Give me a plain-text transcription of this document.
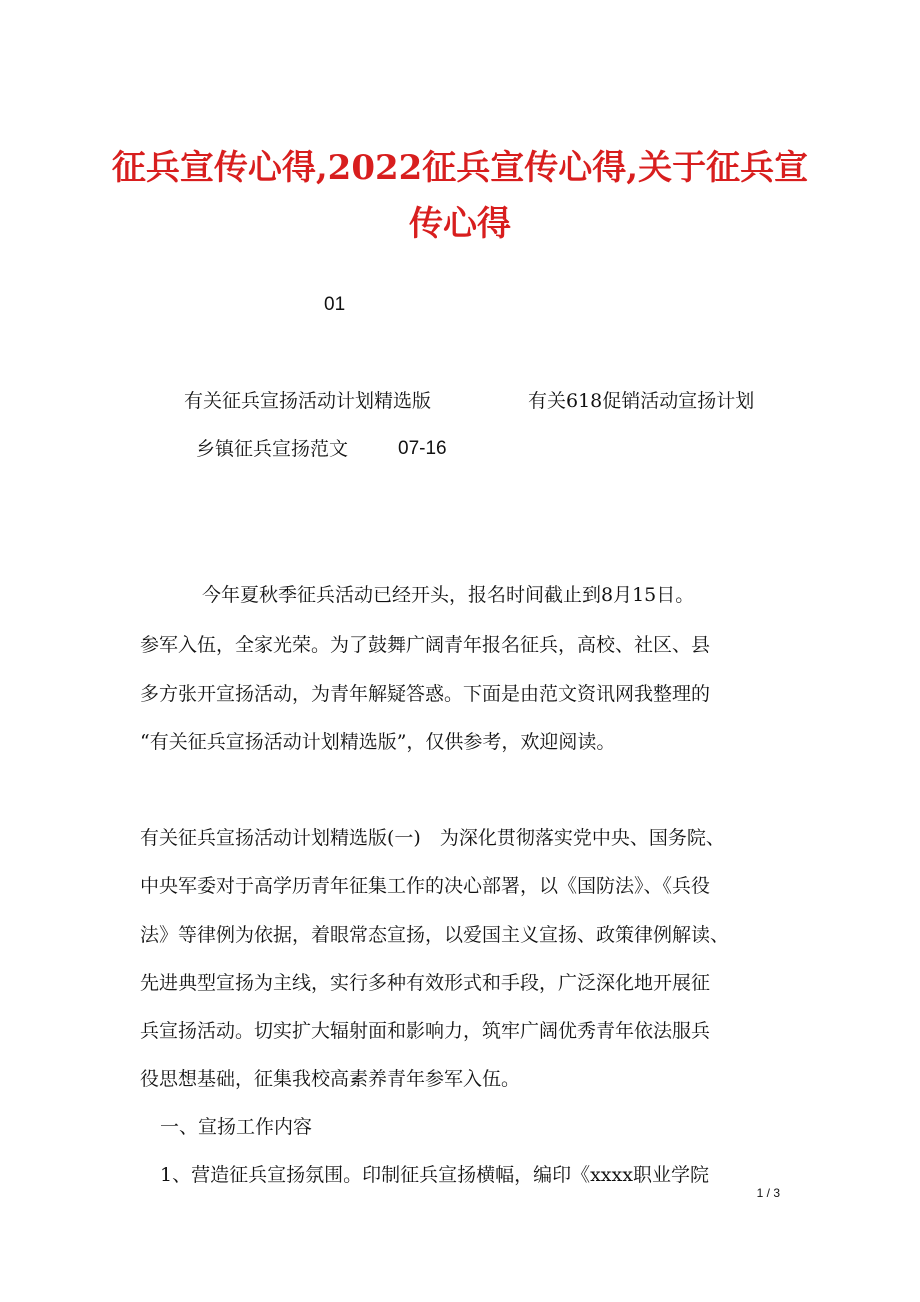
征兵宣传心得,2022征兵宣传心得,关于征兵宣传心得
01
有关征兵宣扬活动计划精选版	有关618促销活动宣扬计划
乡镇征兵宣扬范文	07-16
今年夏秋季征兵活动已经开头，报名时间截止到8月15日。
参军入伍，全家光荣。为了鼓舞广阔青年报名征兵，高校、社区、县
多方张开宣扬活动，为青年解疑答惑。下面是由范文资讯网我整理的
“有关征兵宣扬活动计划精选版”，仅供参考，欢迎阅读。
有关征兵宣扬活动计划精选版(一)　为深化贯彻落实党中央、国务院、
中央军委对于高学历青年征集工作的决心部署，以《国防法》、《兵役
法》等律例为依据，着眼常态宣扬，以爱国主义宣扬、政策律例解读、
先进典型宣扬为主线，实行多种有效形式和手段，广泛深化地开展征
兵宣扬活动。切实扩大辐射面和影响力，筑牢广阔优秀青年依法服兵
役思想基础，征集我校高素养青年参军入伍。
一、宣扬工作内容
1、营造征兵宣扬氛围。印制征兵宣扬横幅，编印《xxxx职业学院
1 / 3
